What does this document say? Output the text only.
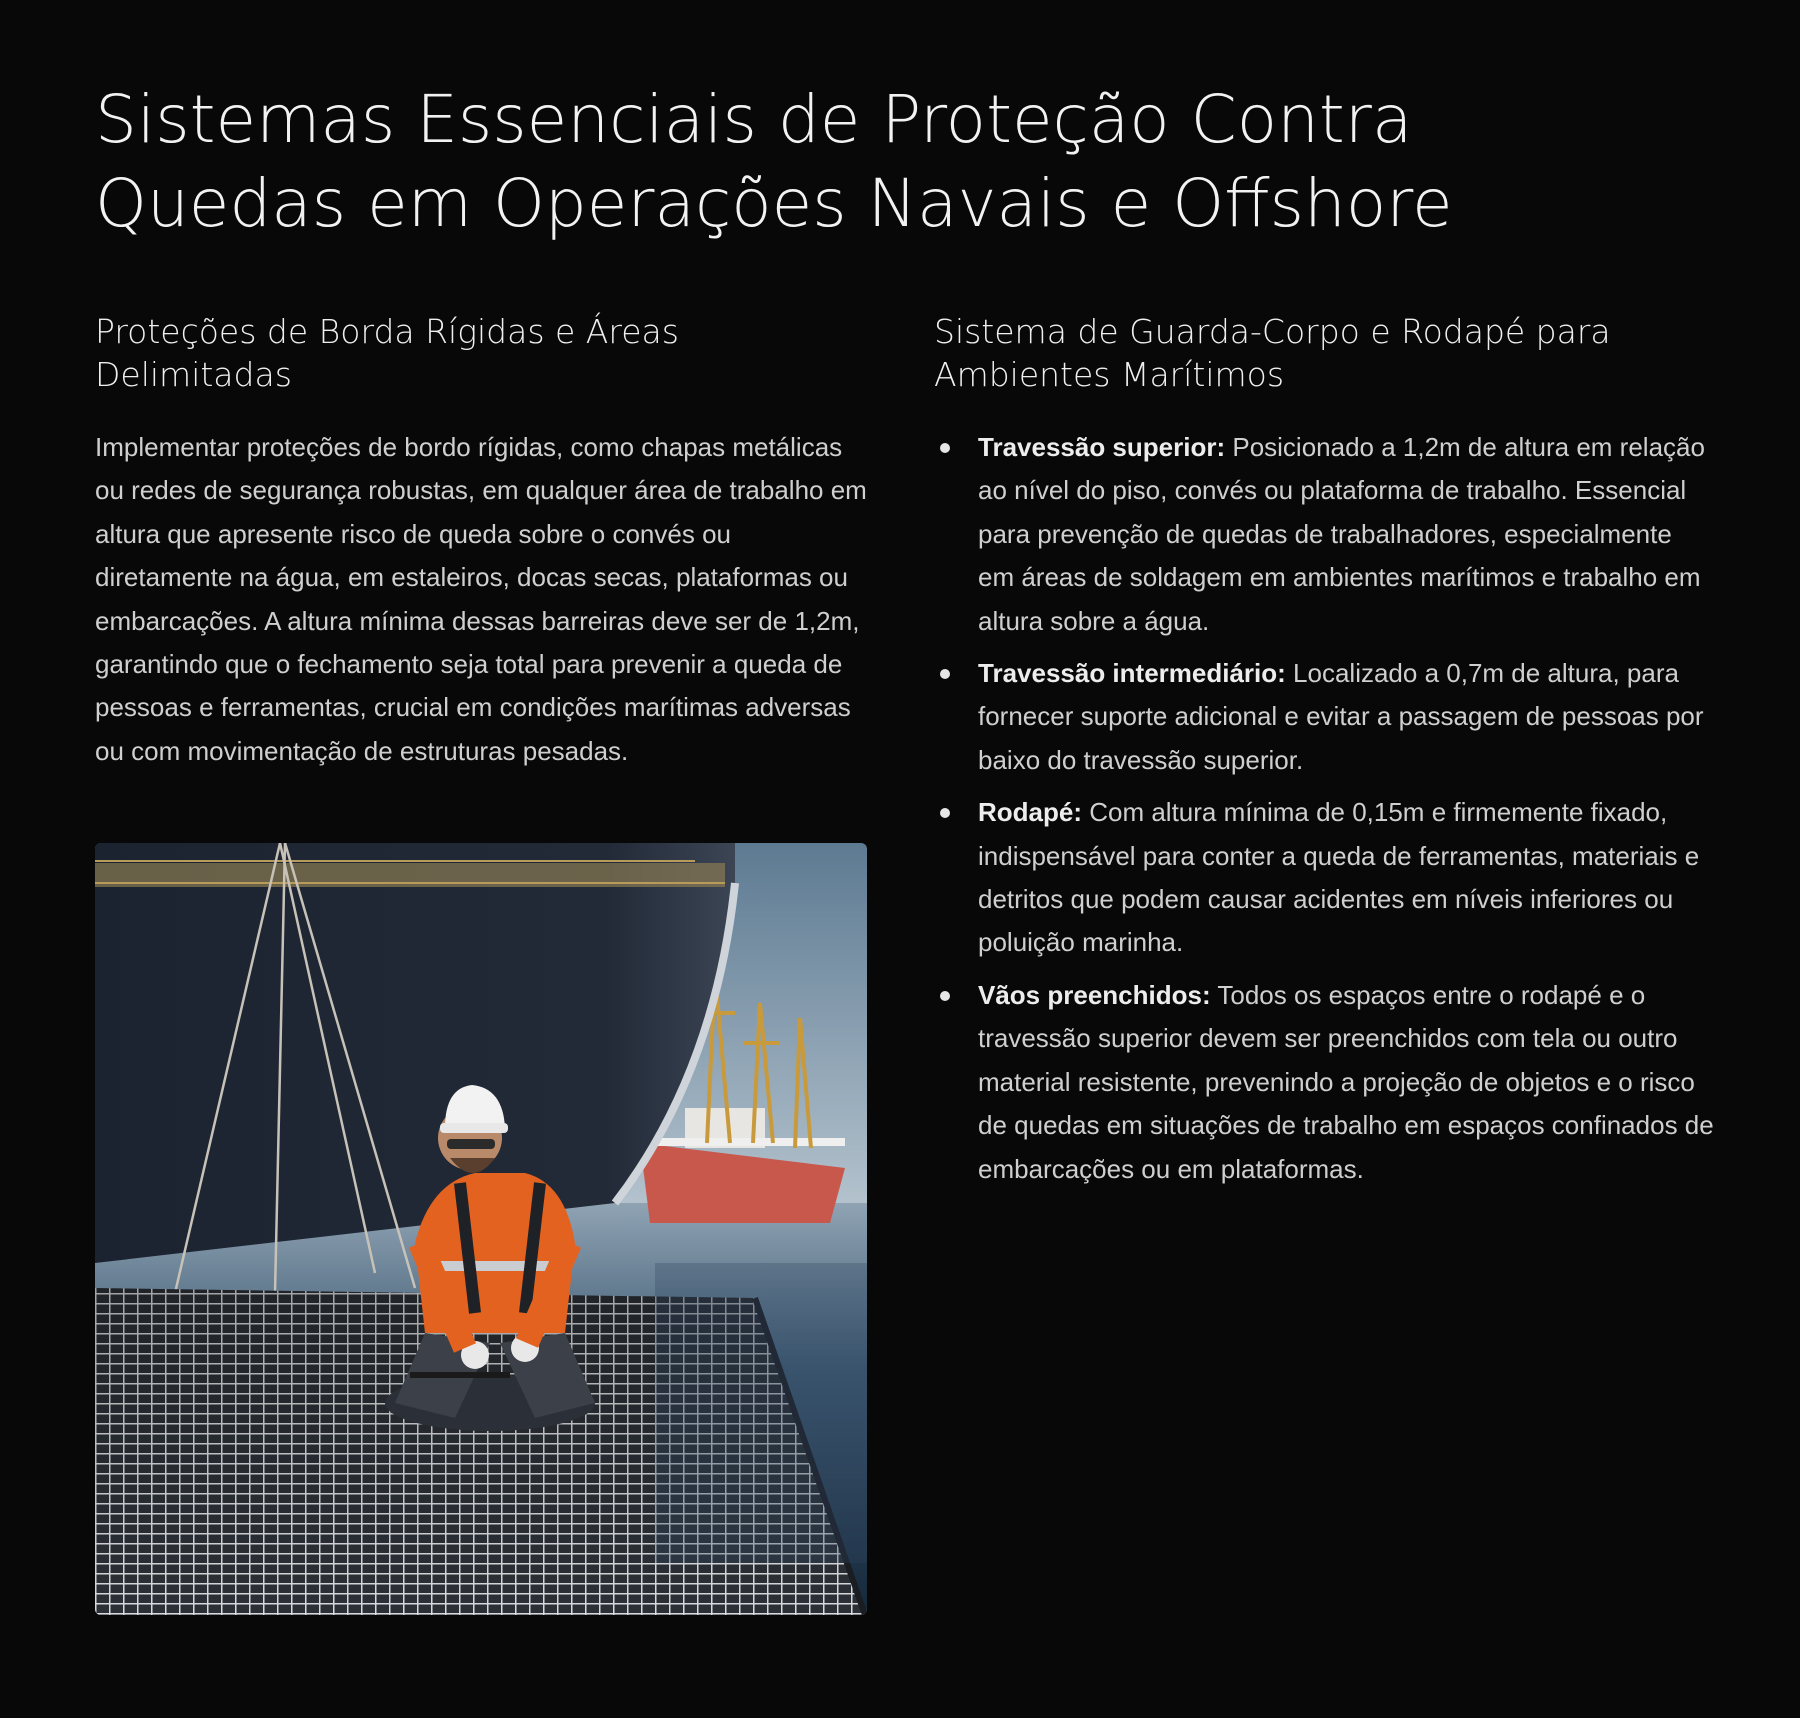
Sistemas Essenciais de Proteção Contra
Quedas em Operações Navais e Offshore
Proteções de Borda Rígidas e Áreas
Delimitadas

Implementar proteções de bordo rígidas, como chapas metálicas ou redes de segurança robustas, em qualquer área de trabalho em altura que apresente risco de queda sobre o convés ou diretamente na água, em estaleiros, docas secas, plataformas ou embarcações. A altura mínima dessas barreiras deve ser de 1,2m, garantindo que o fechamento seja total para prevenir a queda de pessoas e ferramentas, crucial em condições marítimas adversas ou com movimentação de estruturas pesadas.

Sistema de Guarda-Corpo e Rodapé para
Ambientes Marítimos
Travessão superior: Posicionado a 1,2m de altura em relação ao nível do piso, convés ou plataforma de trabalho. Essencial para prevenção de quedas de trabalhadores, especialmente em áreas de soldagem em ambientes marítimos e trabalho em altura sobre a água.
Travessão intermediário: Localizado a 0,7m de altura, para fornecer suporte adicional e evitar a passagem de pessoas por baixo do travessão superior.
Rodapé: Com altura mínima de 0,15m e firmemente fixado, indispensável para conter a queda de ferramentas, materiais e detritos que podem causar acidentes em níveis inferiores ou poluição marinha.
Vãos preenchidos: Todos os espaços entre o rodapé e o travessão superior devem ser preenchidos com tela ou outro material resistente, prevenindo a projeção de objetos e o risco de quedas em situações de trabalho em espaços confinados de embarcações ou em plataformas.
